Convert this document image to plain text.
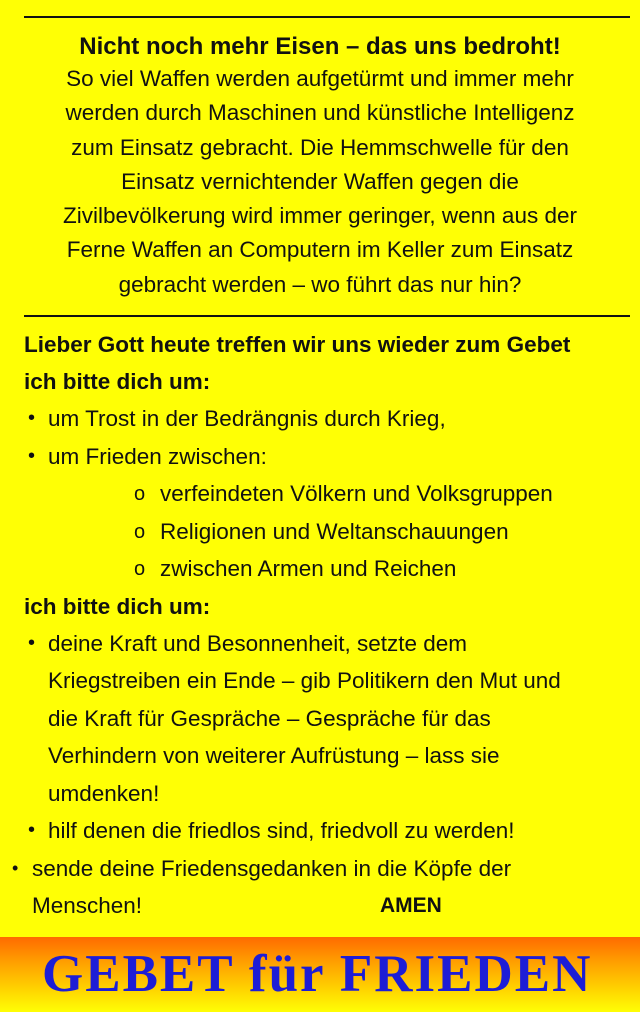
Nicht noch mehr Eisen – das uns bedroht!

So viel Waffen werden aufgetürmt und immer mehr
werden durch Maschinen und künstliche Intelligenz
zum Einsatz gebracht. Die Hemmschwelle für den
Einsatz vernichtender Waffen gegen die
Zivilbevölkerung wird immer geringer, wenn aus der
Ferne Waffen an Computern im Keller zum Einsatz
gebracht werden – wo führt das nur hin?

Lieber Gott heute treffen wir uns wieder zum Gebet
ich bitte dich um:
• um Trost in der Bedrängnis durch Krieg,
• um Frieden zwischen:
o verfeindeten Völkern und Volksgruppen
o Religionen und Weltanschauungen
o zwischen Armen und Reichen
ich bitte dich um:
• deine Kraft und Besonnenheit, setzte dem
Kriegstreiben ein Ende – gib Politikern den Mut und
die Kraft für Gespräche – Gespräche für das
Verhindern von weiterer Aufrüstung – lass sie
umdenken!
• hilf denen die friedlos sind, friedvoll zu werden!
• sende deine Friedensgedanken in die Köpfe der
Menschen!	AMEN
GEBET für FRIEDEN
